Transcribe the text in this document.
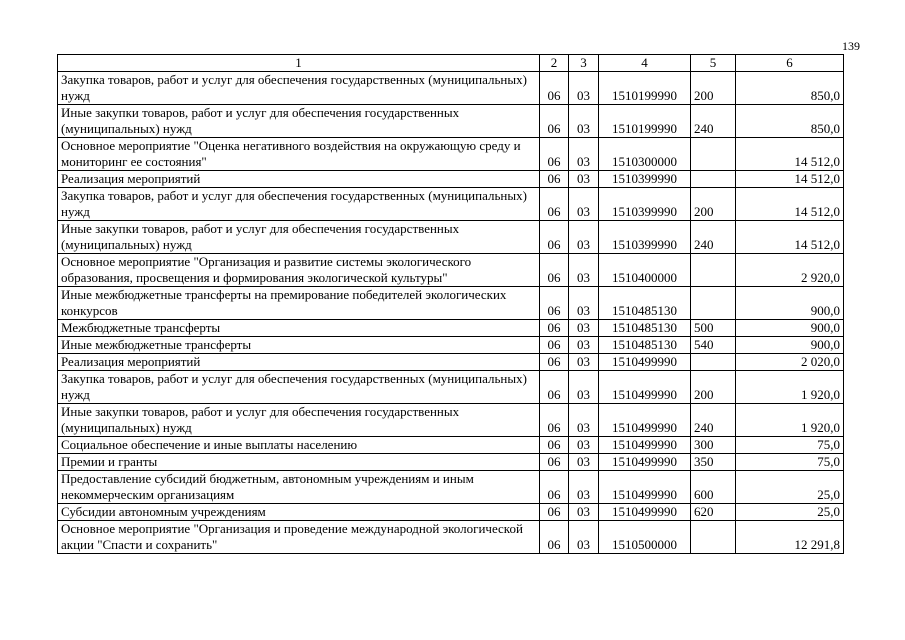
139
1	2	3	4	5	6
Закупка товаров, работ и услуг для обеспечения государственных (муниципальных) нужд	06	03	1510199990	200	850,0
Иные закупки товаров, работ и услуг для обеспечения государственных (муниципальных) нужд	06	03	1510199990	240	850,0
Основное мероприятие "Оценка негативного воздействия на окружающую среду и мониторинг ее состояния"	06	03	1510300000		14 512,0
Реализация мероприятий	06	03	1510399990		14 512,0
Закупка товаров, работ и услуг для обеспечения государственных (муниципальных) нужд	06	03	1510399990	200	14 512,0
Иные закупки товаров, работ и услуг для обеспечения государственных (муниципальных) нужд	06	03	1510399990	240	14 512,0
Основное мероприятие "Организация и развитие системы экологического образования, просвещения и формирования экологической культуры"	06	03	1510400000		2 920,0
Иные межбюджетные трансферты на премирование победителей экологических конкурсов	06	03	1510485130		900,0
Межбюджетные трансферты	06	03	1510485130	500	900,0
Иные межбюджетные трансферты	06	03	1510485130	540	900,0
Реализация мероприятий	06	03	1510499990		2 020,0
Закупка товаров, работ и услуг для обеспечения государственных (муниципальных) нужд	06	03	1510499990	200	1 920,0
Иные закупки товаров, работ и услуг для обеспечения государственных (муниципальных) нужд	06	03	1510499990	240	1 920,0
Социальное обеспечение и иные выплаты населению	06	03	1510499990	300	75,0
Премии и гранты	06	03	1510499990	350	75,0
Предоставление субсидий бюджетным, автономным учреждениям и иным некоммерческим организациям	06	03	1510499990	600	25,0
Субсидии автономным учреждениям	06	03	1510499990	620	25,0
Основное мероприятие "Организация и проведение международной экологической акции "Спасти и сохранить"	06	03	1510500000		12 291,8
